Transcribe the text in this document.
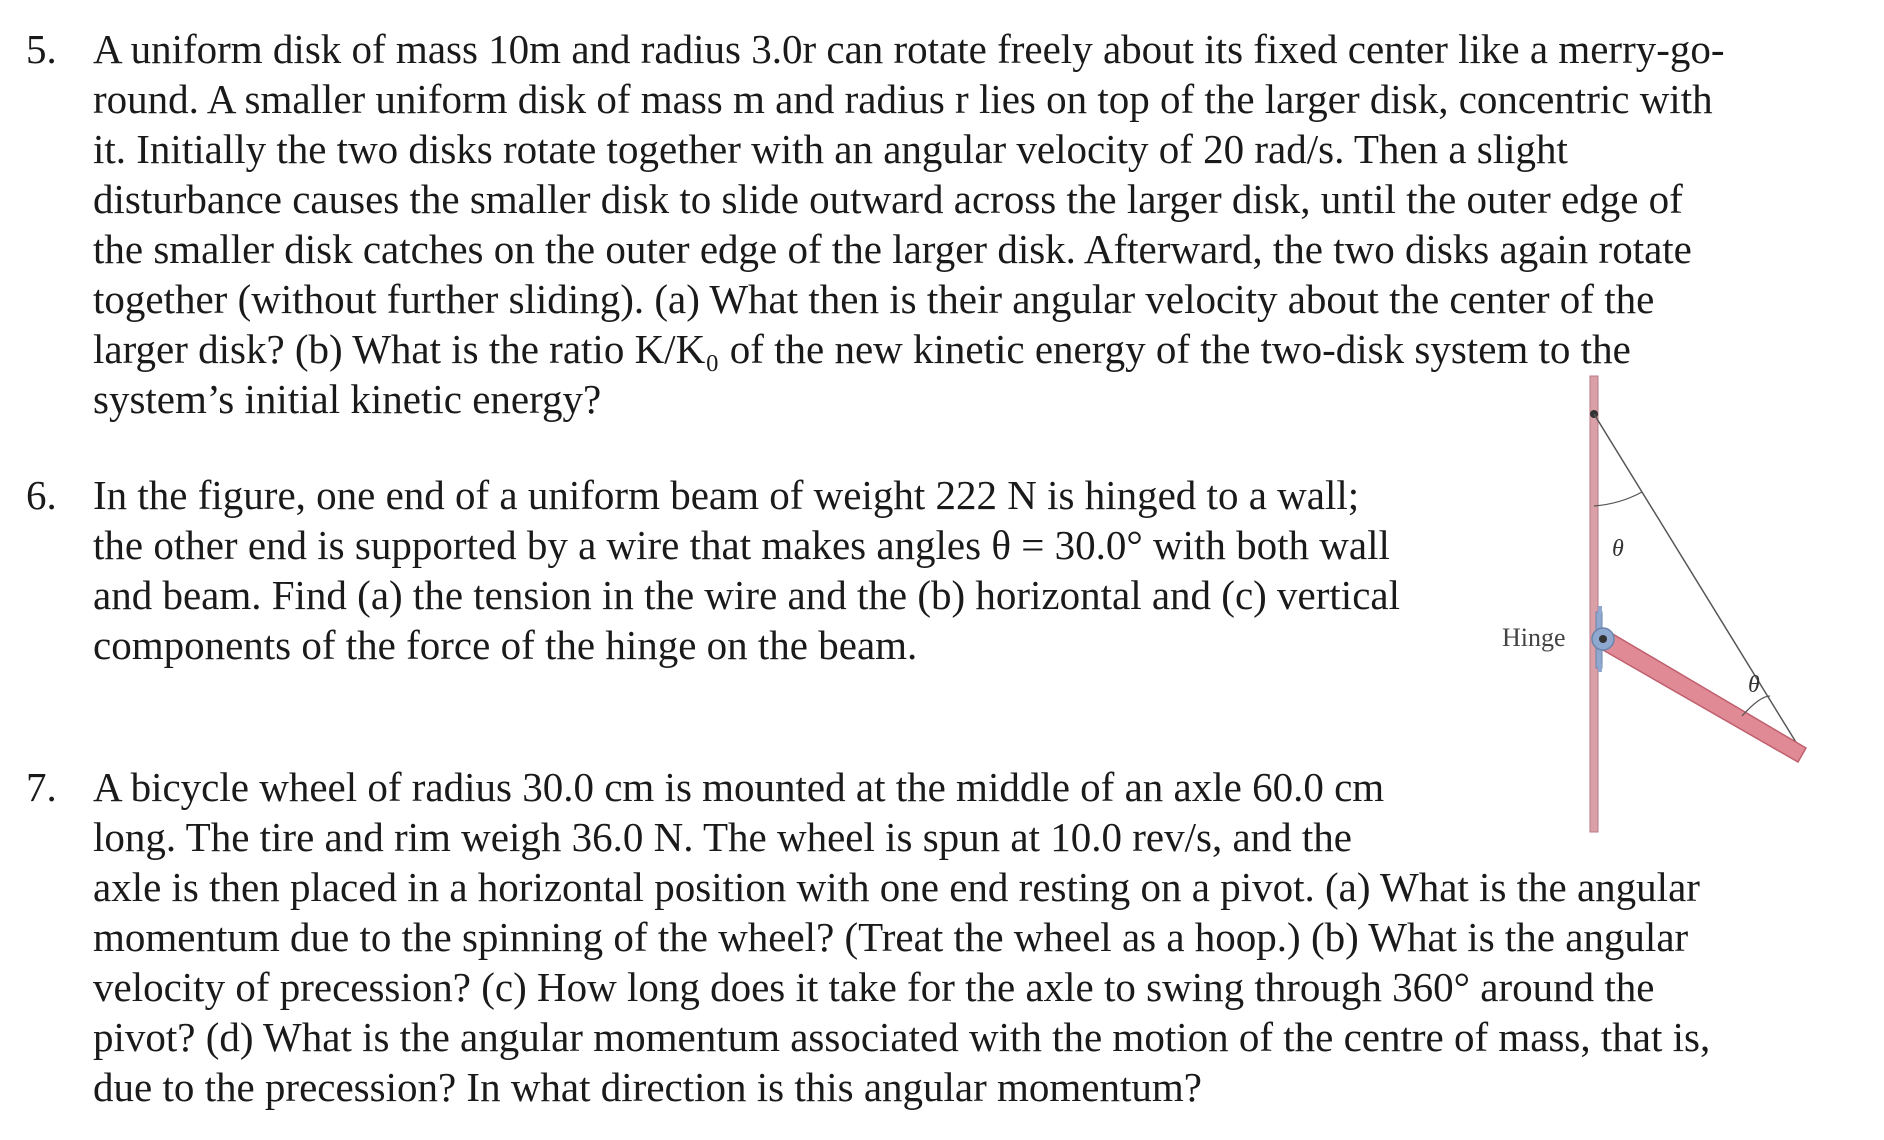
5. A uniform disk of mass 10m and radius 3.0r can rotate freely about its fixed center like a merry-go-
round. A smaller uniform disk of mass m and radius r lies on top of the larger disk, concentric with
it. Initially the two disks rotate together with an angular velocity of 20 rad/s. Then a slight
disturbance causes the smaller disk to slide outward across the larger disk, until the outer edge of
the smaller disk catches on the outer edge of the larger disk. Afterward, the two disks again rotate
together (without further sliding). (a) What then is their angular velocity about the center of the
larger disk? (b) What is the ratio K/K₀ of the new kinetic energy of the two-disk system to the
system’s initial kinetic energy?
6. In the figure, one end of a uniform beam of weight 222 N is hinged to a wall;
the other end is supported by a wire that makes angles θ = 30.0° with both wall
and beam. Find (a) the tension in the wire and the (b) horizontal and (c) vertical
components of the force of the hinge on the beam.
7. A bicycle wheel of radius 30.0 cm is mounted at the middle of an axle 60.0 cm
long. The tire and rim weigh 36.0 N. The wheel is spun at 10.0 rev/s, and the
axle is then placed in a horizontal position with one end resting on a pivot. (a) What is the angular
momentum due to the spinning of the wheel? (Treat the wheel as a hoop.) (b) What is the angular
velocity of precession? (c) How long does it take for the axle to swing through 360° around the
pivot? (d) What is the angular momentum associated with the motion of the centre of mass, that is,
due to the precession? In what direction is this angular momentum?
θ
θ
Hinge
